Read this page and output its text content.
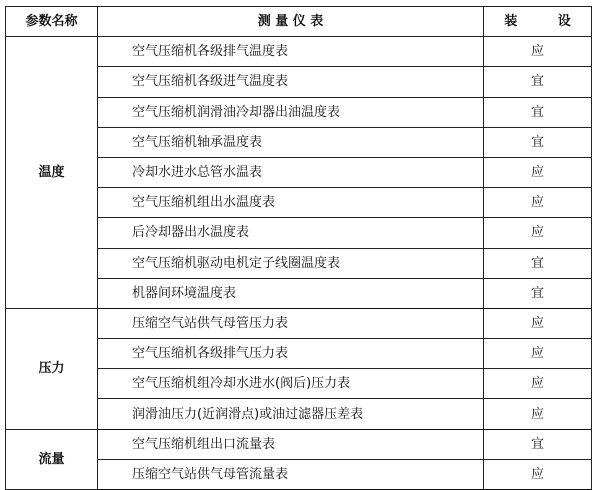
参数名称	测 量 仪 表	装 设
温度	空气压缩机各级排气温度表	应
	空气压缩机各级进气温度表	宜
	空气压缩机润滑油冷却器出油温度表	宜
	空气压缩机轴承温度表	宜
	冷却水进水总管水温表	应
	空气压缩机组出水温度表	应
	后冷却器出水温度表	应
	空气压缩机驱动电机定子线圈温度表	宜
	机器间环境温度表	宜
压力	压缩空气站供气母管压力表	应
	空气压缩机各级排气压力表	应
	空气压缩机组冷却水进水(阀后)压力表	应
	润滑油压力(近润滑点)或油过滤器压差表	应
流量	空气压缩机组出口流量表	宜
	压缩空气站供气母管流量表	应
